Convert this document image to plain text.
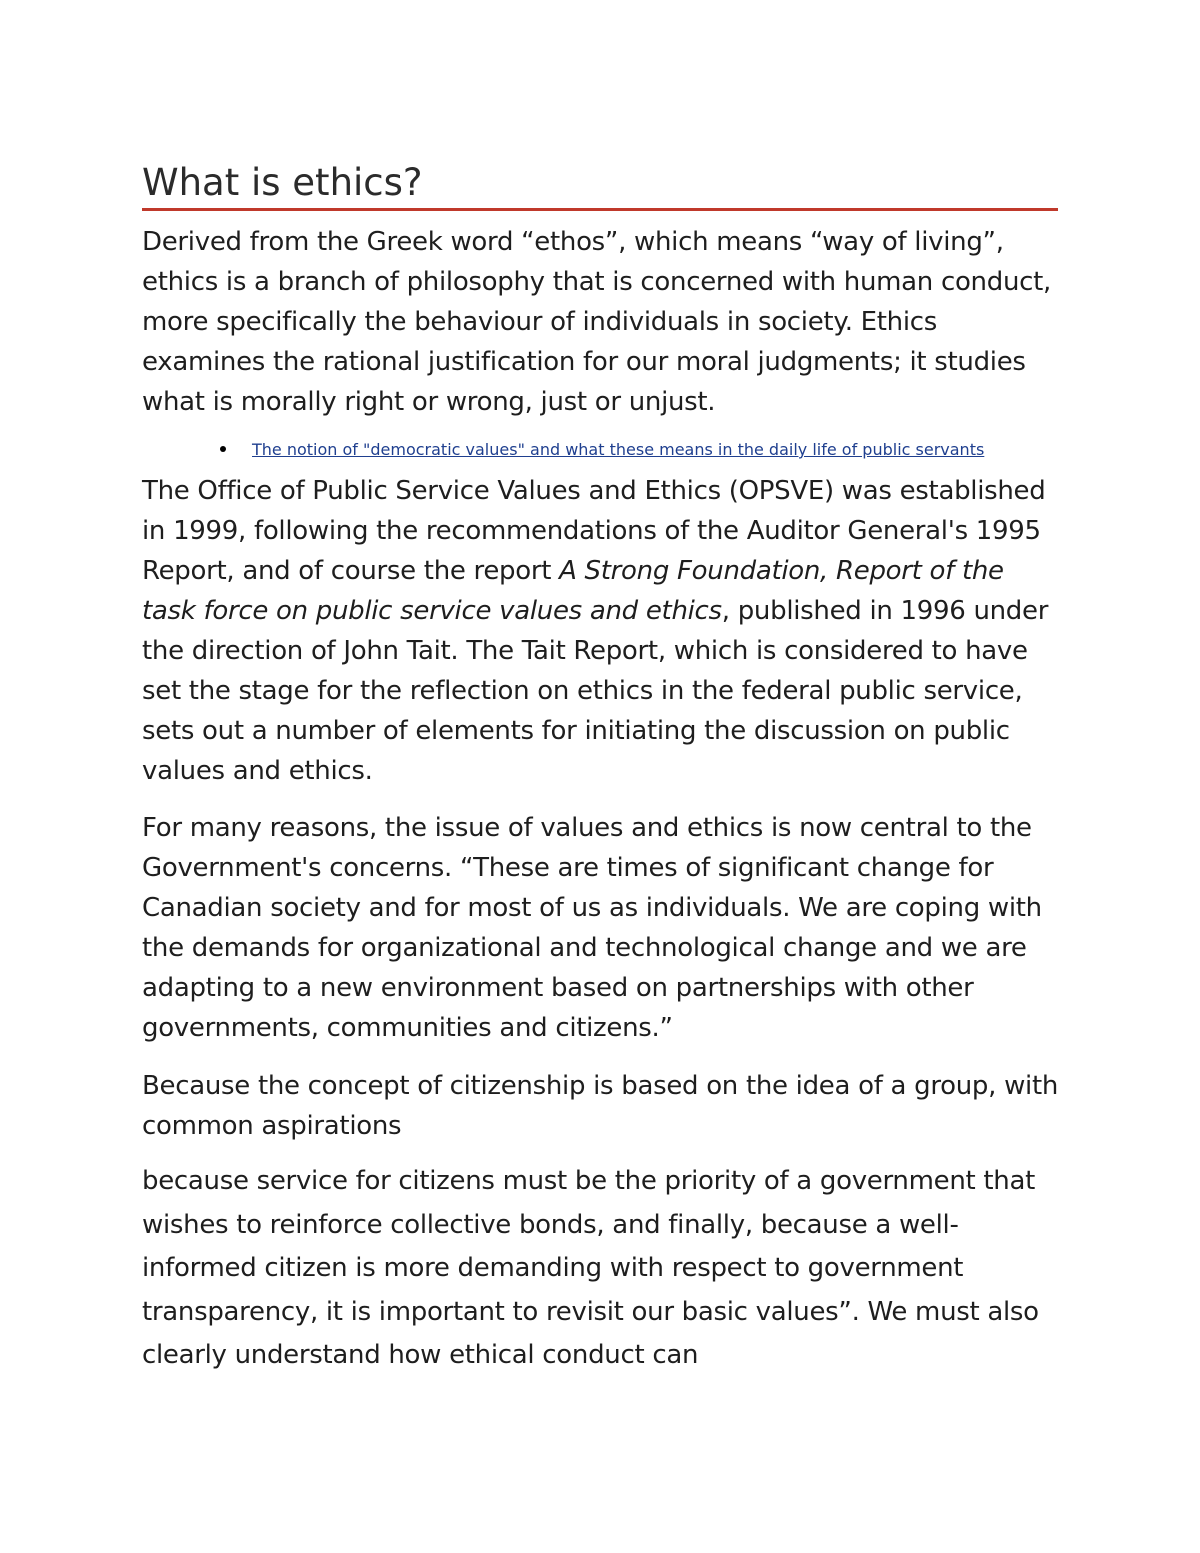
What is ethics?

Derived from the Greek word “ethos”, which means “way of living”, ethics is a branch of philosophy that is concerned with human conduct, more specifically the behaviour of individuals in society. Ethics examines the rational justification for our moral judgments; it studies what is morally right or wrong, just or unjust.

The notion of "democratic values" and what these means in the daily life of public servants

The Office of Public Service Values and Ethics (OPSVE) was established in 1999, following the recommendations of the Auditor General's 1995 Report, and of course the report A Strong Foundation, Report of the task force on public service values and ethics, published in 1996 under the direction of John Tait. The Tait Report, which is considered to have set the stage for the reflection on ethics in the federal public service, sets out a number of elements for initiating the discussion on public values and ethics.

For many reasons, the issue of values and ethics is now central to the Government's concerns. “These are times of significant change for Canadian society and for most of us as individuals. We are coping with the demands for organizational and technological change and we are adapting to a new environment based on partnerships with other governments, communities and citizens.”

Because the concept of citizenship is based on the idea of a group, with common aspirations

because service for citizens must be the priority of a government that wishes to reinforce collective bonds, and finally, because a well-informed citizen is more demanding with respect to government transparency, it is important to revisit our basic values”. We must also clearly understand how ethical conduct can
